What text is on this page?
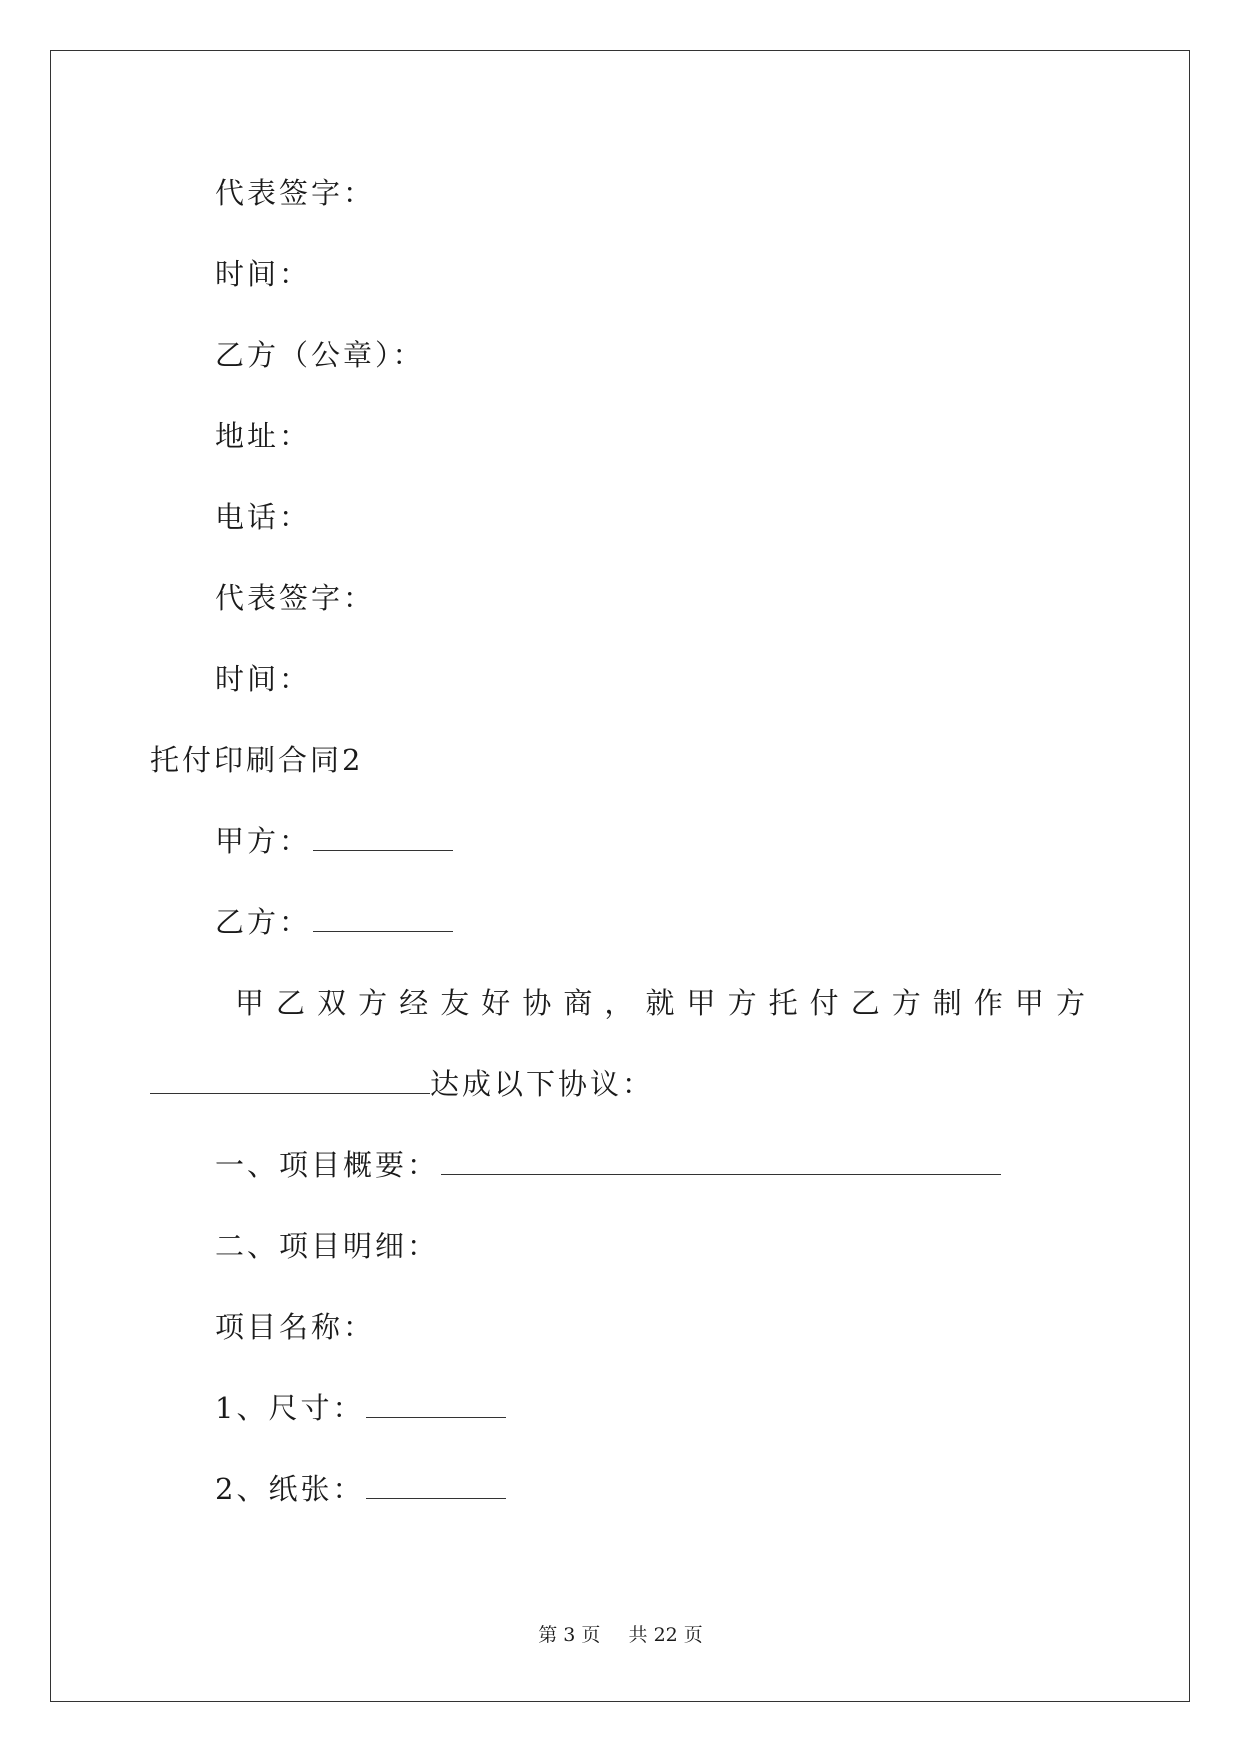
代表签字：
时间：
乙方（公章）：
地址：
电话：
代表签字：
时间：
托付印刷合同2
甲方：
乙方：
甲 乙 双 方 经 友 好 协 商 ， 就 甲 方 托 付 乙 方 制 作 甲 方
达成以下协议：
一、项目概要：
二、项目明细：
项目名称：
1、尺寸：
2、纸张：
第 3 页 共 22 页
